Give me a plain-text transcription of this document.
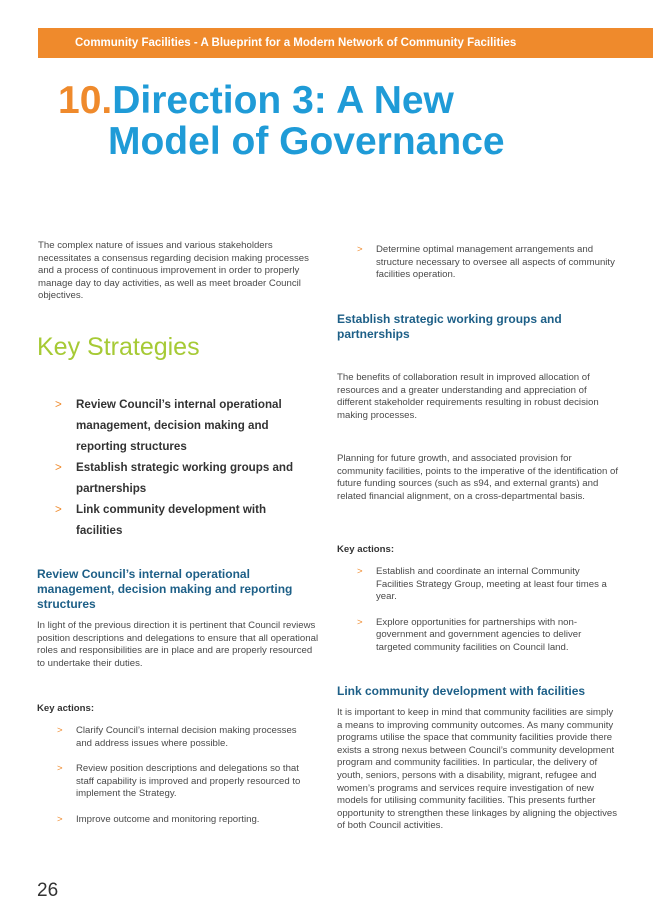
Community Facilities - A Blueprint for a Modern Network of Community Facilities
10.Direction 3: A New
Model of Governance

The complex nature of issues and various stakeholders necessitates a consensus regarding decision making processes and a process of continuous improvement in order to properly manage day to day activities, as well as meet broader Council objectives.

Key Strategies
> Review Council’s internal operational management, decision making and reporting structures
> Establish strategic working groups and partnerships
> Link community development with facilities
Review Council’s internal operational management, decision making and reporting structures

In light of the previous direction it is pertinent that Council reviews position descriptions and delegations to ensure that all operational roles and responsibilities are in place and are properly resourced to undertake their duties.

Key actions:

> Clarify Council’s internal decision making processes and address issues where possible.
> Review position descriptions and delegations so that staff capability is improved and properly resourced to implement the Strategy.
> Improve outcome and monitoring reporting.
> Determine optimal management arrangements and structure necessary to oversee all aspects of community facilities operation.
Establish strategic working groups and partnerships

The benefits of collaboration result in improved allocation of resources and a greater understanding and appreciation of different stakeholder requirements resulting in robust decision making processes.

Planning for future growth, and associated provision for community facilities, points to the imperative of the identification of future funding sources (such as s94, and external grants) and related financial alignment, on a cross-departmental basis.

Key actions:

> Establish and coordinate an internal Community Facilities Strategy Group, meeting at least four times a year.
> Explore opportunities for partnerships with non-government and government agencies to deliver targeted community facilities on Council land.
Link community development with facilities

It is important to keep in mind that community facilities are simply a means to improving community outcomes. As many community programs utilise the space that community facilities provide there exists a strong nexus between Council’s community development program and community facilities. In particular, the delivery of youth, seniors, persons with a disability, migrant, refugee and women’s programs and services require investigation of new models for utilising community facilities. This presents further opportunity to strengthen these linkages by aligning the objectives of both Council activities.

26
